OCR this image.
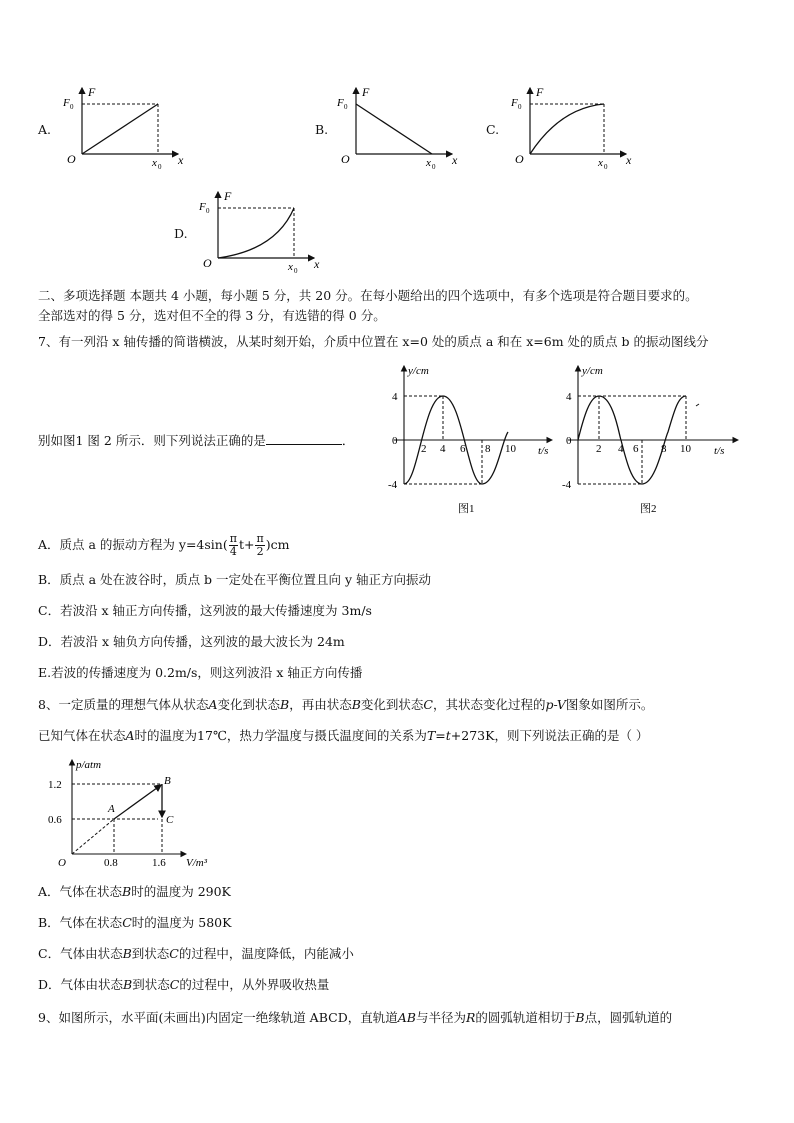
A.
F
F 0
O	x 0 x
B.
F
F 0
O	x 0 x
C.
F
F 0
O	x 0 x
D.
F
F 0
O	x 0 x
二、多项选择题 本题共 4 小题，每小题 5 分，共 20 分。在每小题给出的四个选项中，有多个选项是符合题目要求的。
全部选对的得 5 分，选对但不全的得 3 分，有选错的得 0 分。
7、有一列沿 x 轴传播的简谐横波，从某时刻开始，介质中位置在 x=0 处的质点 a 和在 x=6m 处的质点 b 的振动图线分
别如图1 图 2 所示．则下列说法正确的是	．
y/cm
t/s
4
0
-4
2 4 6 8 10
图1
y/cm
t/s
4
0
-4
2 4 6 8 10
图2
A．质点 a 的振动方程为 $y=4\sin( \frac{\pi}{4} t+ \frac{\pi}{2} )cm$
B．质点 a 处在波谷时，质点 b 一定处在平衡位置且向 y 轴正方向振动
C．若波沿 x 轴正方向传播，这列波的最大传播速度为 3m/s
D．若波沿 x 轴负方向传播，这列波的最大波长为 24m
E.若波的传播速度为 0.2m/s，则这列波沿 x 轴正方向传播
8、一定质量的理想气体从状态A变化到状态B，再由状态B变化到状态C，其状态变化过程的p-V图象如图所示。
已知气体在状态A时的温度为17℃，热力学温度与摄氏温度间的关系为T=t+273K，则下列说法正确的是（ ）
p/atm
V/m³
1.2
0.6
0.8	1.6
O
A
B
C
A．气体在状态B时的温度为 290K
B．气体在状态C时的温度为 580K
C．气体由状态B到状态C的过程中，温度降低，内能减小
D．气体由状态B到状态C的过程中，从外界吸收热量
9、如图所示，水平面(未画出)内固定一绝缘轨道 ABCD，直轨道AB与半径为R的圆弧轨道相切于B点，圆弧轨道的
